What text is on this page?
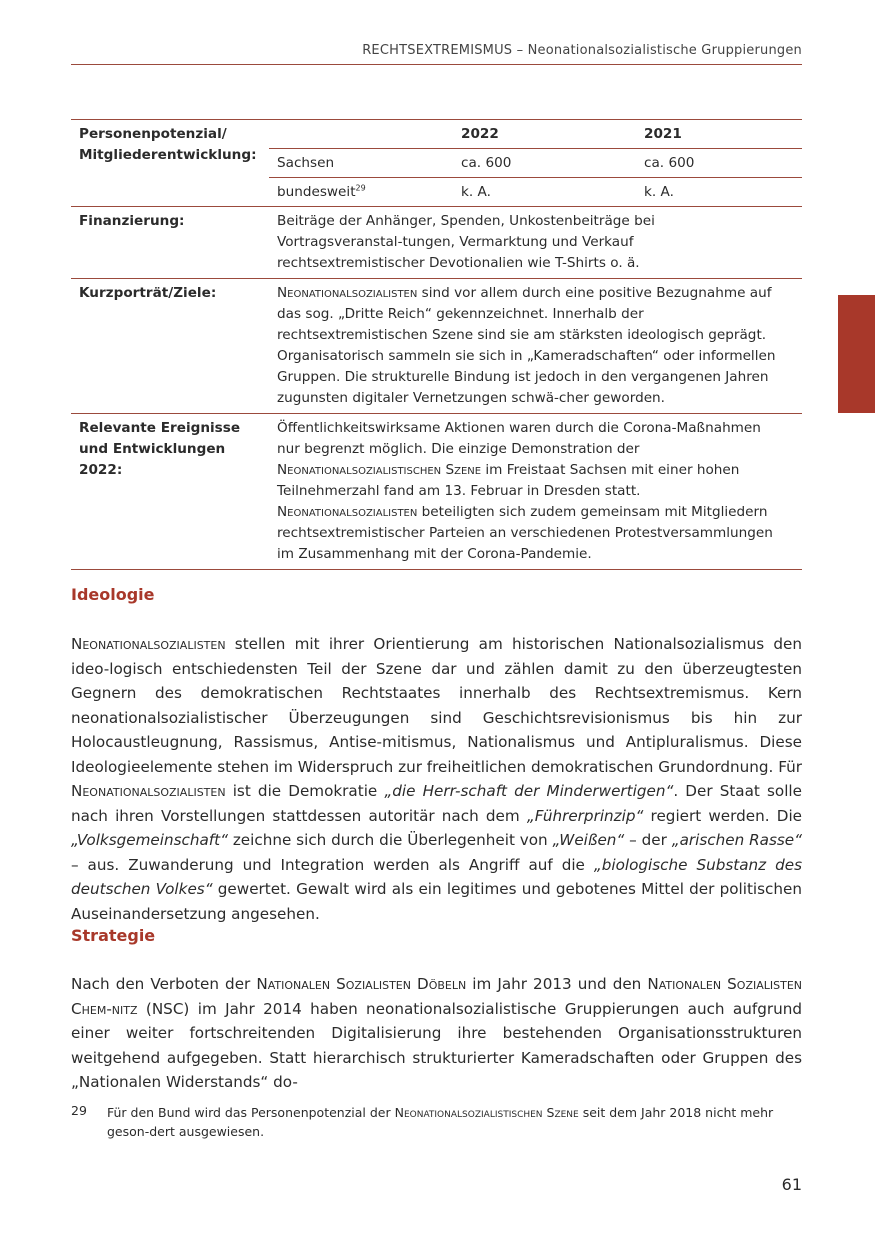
RECHTSEXTREMISMUS – Neonationalsozialistische Gruppierungen
Personenpotenzial/ Mitgliederentwicklung:	
	2022	2021
Sachsen	ca. 600	ca. 600
bundesweit$^{29}$	k. A.	k. A.

Finanzierung:	Beiträge der Anhänger, Spenden, Unkostenbeiträge bei Vortragsveranstal-tungen, Vermarktung und Verkauf rechtsextremistischer Devotionalien wie T-Shirts o. ä.
Kurzporträt/Ziele:	Neonationalsozialisten sind vor allem durch eine positive Bezugnahme auf das sog. „Dritte Reich“ gekennzeichnet. Innerhalb der rechtsextremistischen Szene sind sie am stärksten ideologisch geprägt. Organisatorisch sammeln sie sich in „Kameradschaften“ oder informellen Gruppen. Die strukturelle Bindung ist jedoch in den vergangenen Jahren zugunsten digitaler Vernetzungen schwä-cher geworden.
Relevante Ereignisse und Entwicklungen 2022:	Öffentlichkeitswirksame Aktionen waren durch die Corona-Maßnahmen nur begrenzt möglich. Die einzige Demonstration der Neonationalsozialistischen Szene im Freistaat Sachsen mit einer hohen Teilnehmerzahl fand am 13. Februar in Dresden statt.
Neonationalsozialisten beteiligten sich zudem gemeinsam mit Mitgliedern rechtsextremistischer Parteien an verschiedenen Protestversammlungen im Zusammenhang mit der Corona-Pandemie.
Ideologie

Neonationalsozialisten stellen mit ihrer Orientierung am historischen Nationalsozialismus den ideo-logisch entschiedensten Teil der Szene dar und zählen damit zu den überzeugtesten Gegnern des demokratischen Rechtstaates innerhalb des Rechtsextremismus. Kern neonationalsozialistischer Überzeugungen sind Geschichtsrevisionismus bis hin zur Holocaustleugnung, Rassismus, Antise-mitismus, Nationalismus und Antipluralismus. Diese Ideologieelemente stehen im Widerspruch zur freiheitlichen demokratischen Grundordnung. Für Neonationalsozialisten ist die Demokratie „die Herr-schaft der Minderwertigen“. Der Staat solle nach ihren Vorstellungen stattdessen autoritär nach dem „Führerprinzip“ regiert werden. Die „Volksgemeinschaft“ zeichne sich durch die Überlegenheit von „Weißen“ – der „arischen Rasse“ – aus. Zuwanderung und Integration werden als Angriff auf die „biologische Substanz des deutschen Volkes“ gewertet. Gewalt wird als ein legitimes und gebotenes Mittel der politischen Auseinandersetzung angesehen.

Strategie

Nach den Verboten der Nationalen Sozialisten Döbeln im Jahr 2013 und den Nationalen Sozialisten Chem-nitz (NSC) im Jahr 2014 haben neonationalsozialistische Gruppierungen auch aufgrund einer weiter fortschreitenden Digitalisierung ihre bestehenden Organisationsstrukturen weitgehend aufgegeben. Statt hierarchisch strukturierter Kameradschaften oder Gruppen des „Nationalen Widerstands“ do-

29 Für den Bund wird das Personenpotenzial der Neonationalsozialistischen Szene seit dem Jahr 2018 nicht mehr geson-dert ausgewiesen.
61
